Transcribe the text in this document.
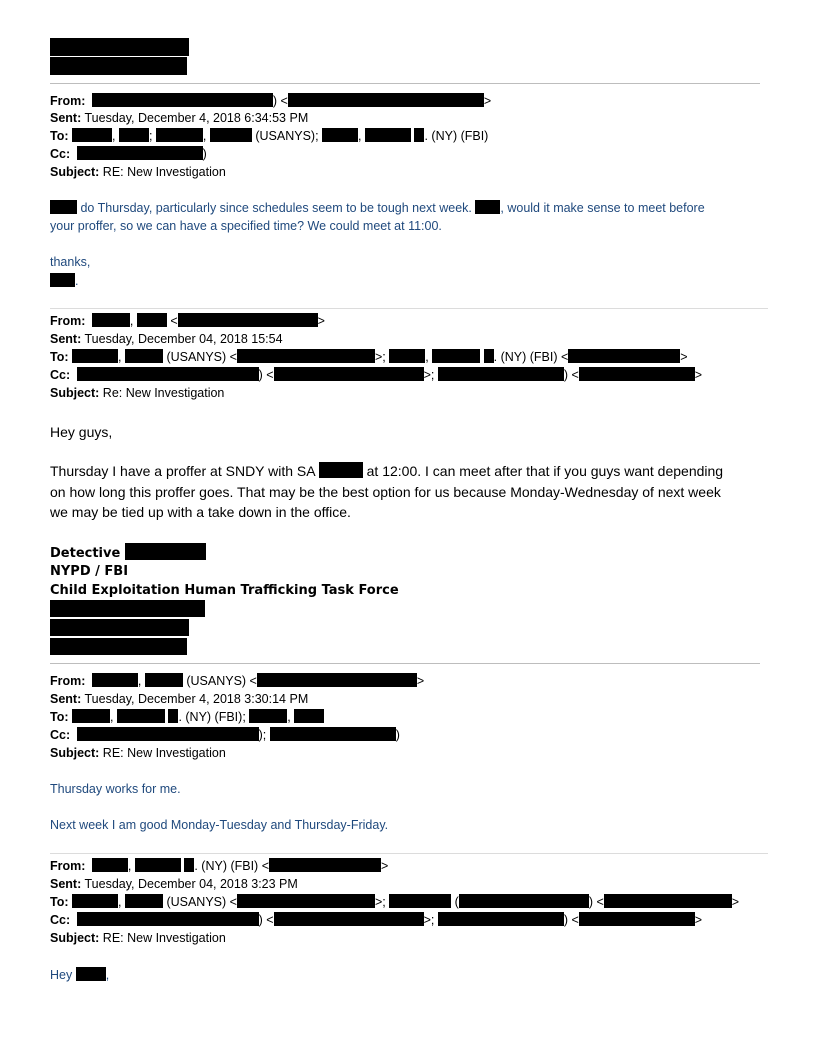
From:	) <	>
Sent: Tuesday, December 4, 2018 6:34:53 PM
To:	, ;	,	(USANYS);	,	. (NY) (FBI)
Cc:	)
Subject: RE: New Investigation
do Thursday, particularly since schedules seem to be tough next week. , would it make sense to meet before
your proffer, so we can have a specified time? We could meet at 11:00.
thanks,
.
From:	,	<	>
Sent: Tuesday, December 04, 2018 15:54
To:	,	(USANYS) <	>;	,	. (NY) (FBI) <	>
Cc:	) <	>;	) <	>
Subject: Re: New Investigation
Hey guys,
Thursday I have a proffer at SNDY with SA	at 12:00. I can meet after that if you guys want depending
on how long this proffer goes. That may be the best option for us because Monday-Wednesday of next week
we may be tied up with a take down in the office.
Detective
NYPD / FBI
Child Exploitation Human Trafficking Task Force
From:	,	(USANYS) <	>
Sent: Tuesday, December 4, 2018 3:30:14 PM
To:	,	. (NY) (FBI);	,
Cc:	);	)
Subject: RE: New Investigation
Thursday works for me.
Next week I am good Monday-Tuesday and Thursday-Friday.
From:	,	. (NY) (FBI) <	>
Sent: Tuesday, December 04, 2018 3:23 PM
To:	,	(USANYS) <	>;	(	) <	>
Cc:	) <	>;	) <	>
Subject: RE: New Investigation
Hey	,
